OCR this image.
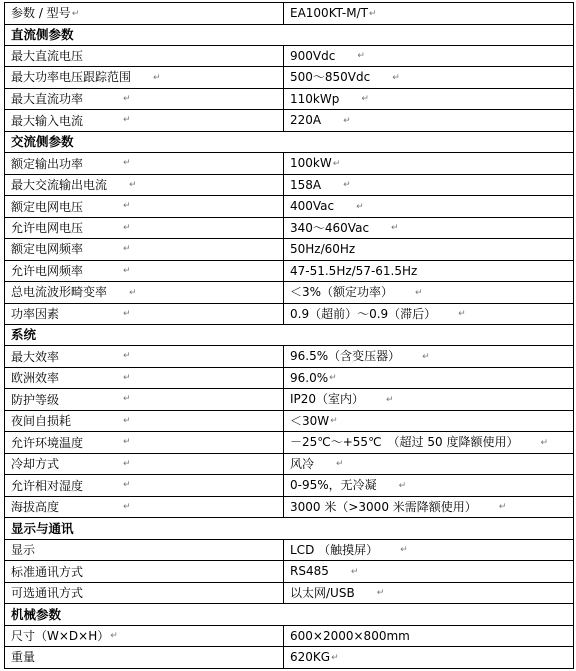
参数 / 型号↵	EA100KT-M/T↵
直流侧参数	
最大直流电压	900Vdc ↵
最大功率电压跟踪范围 ↵	500～850Vdc ↵
最大直流功率 ↵	110kWp ↵
最大输入电流 ↵	220A ↵
交流侧参数	
额定输出功率 ↵	100kW↵
最大交流输出电流 ↵	158A ↵
额定电网电压 ↵	400Vac ↵
允许电网电压 ↵	340～460Vac ↵
额定电网频率 ↵	50Hz/60Hz
允许电网频率 ↵	47-51.5Hz/57-61.5Hz
总电流波形畸变率 ↵	＜3%（额定功率） ↵
功率因素 ↵	0.9（超前）～0.9（滞后） ↵
系统	
最大效率 ↵	96.5%（含变压器） ↵
欧洲效率 ↵	96.0%↵
防护等级 ↵	IP20（室内） ↵
夜间自损耗 ↵	＜30W↵
允许环境温度 ↵	－25℃～+55℃　（超过 50 度降额使用） ↵
冷却方式 ↵	风冷 ↵
允许相对湿度 ↵	0-95%，无冷凝 ↵
海拔高度 ↵	3000 米（>3000 米需降额使用） ↵
显示与通讯	
显示	LCD （触摸屏） ↵
标准通讯方式	RS485 ↵
可选通讯方式	以太网/USB ↵
机械参数	
尺寸（W×D×H）↵	600×2000×800mm
重量	620KG↵
